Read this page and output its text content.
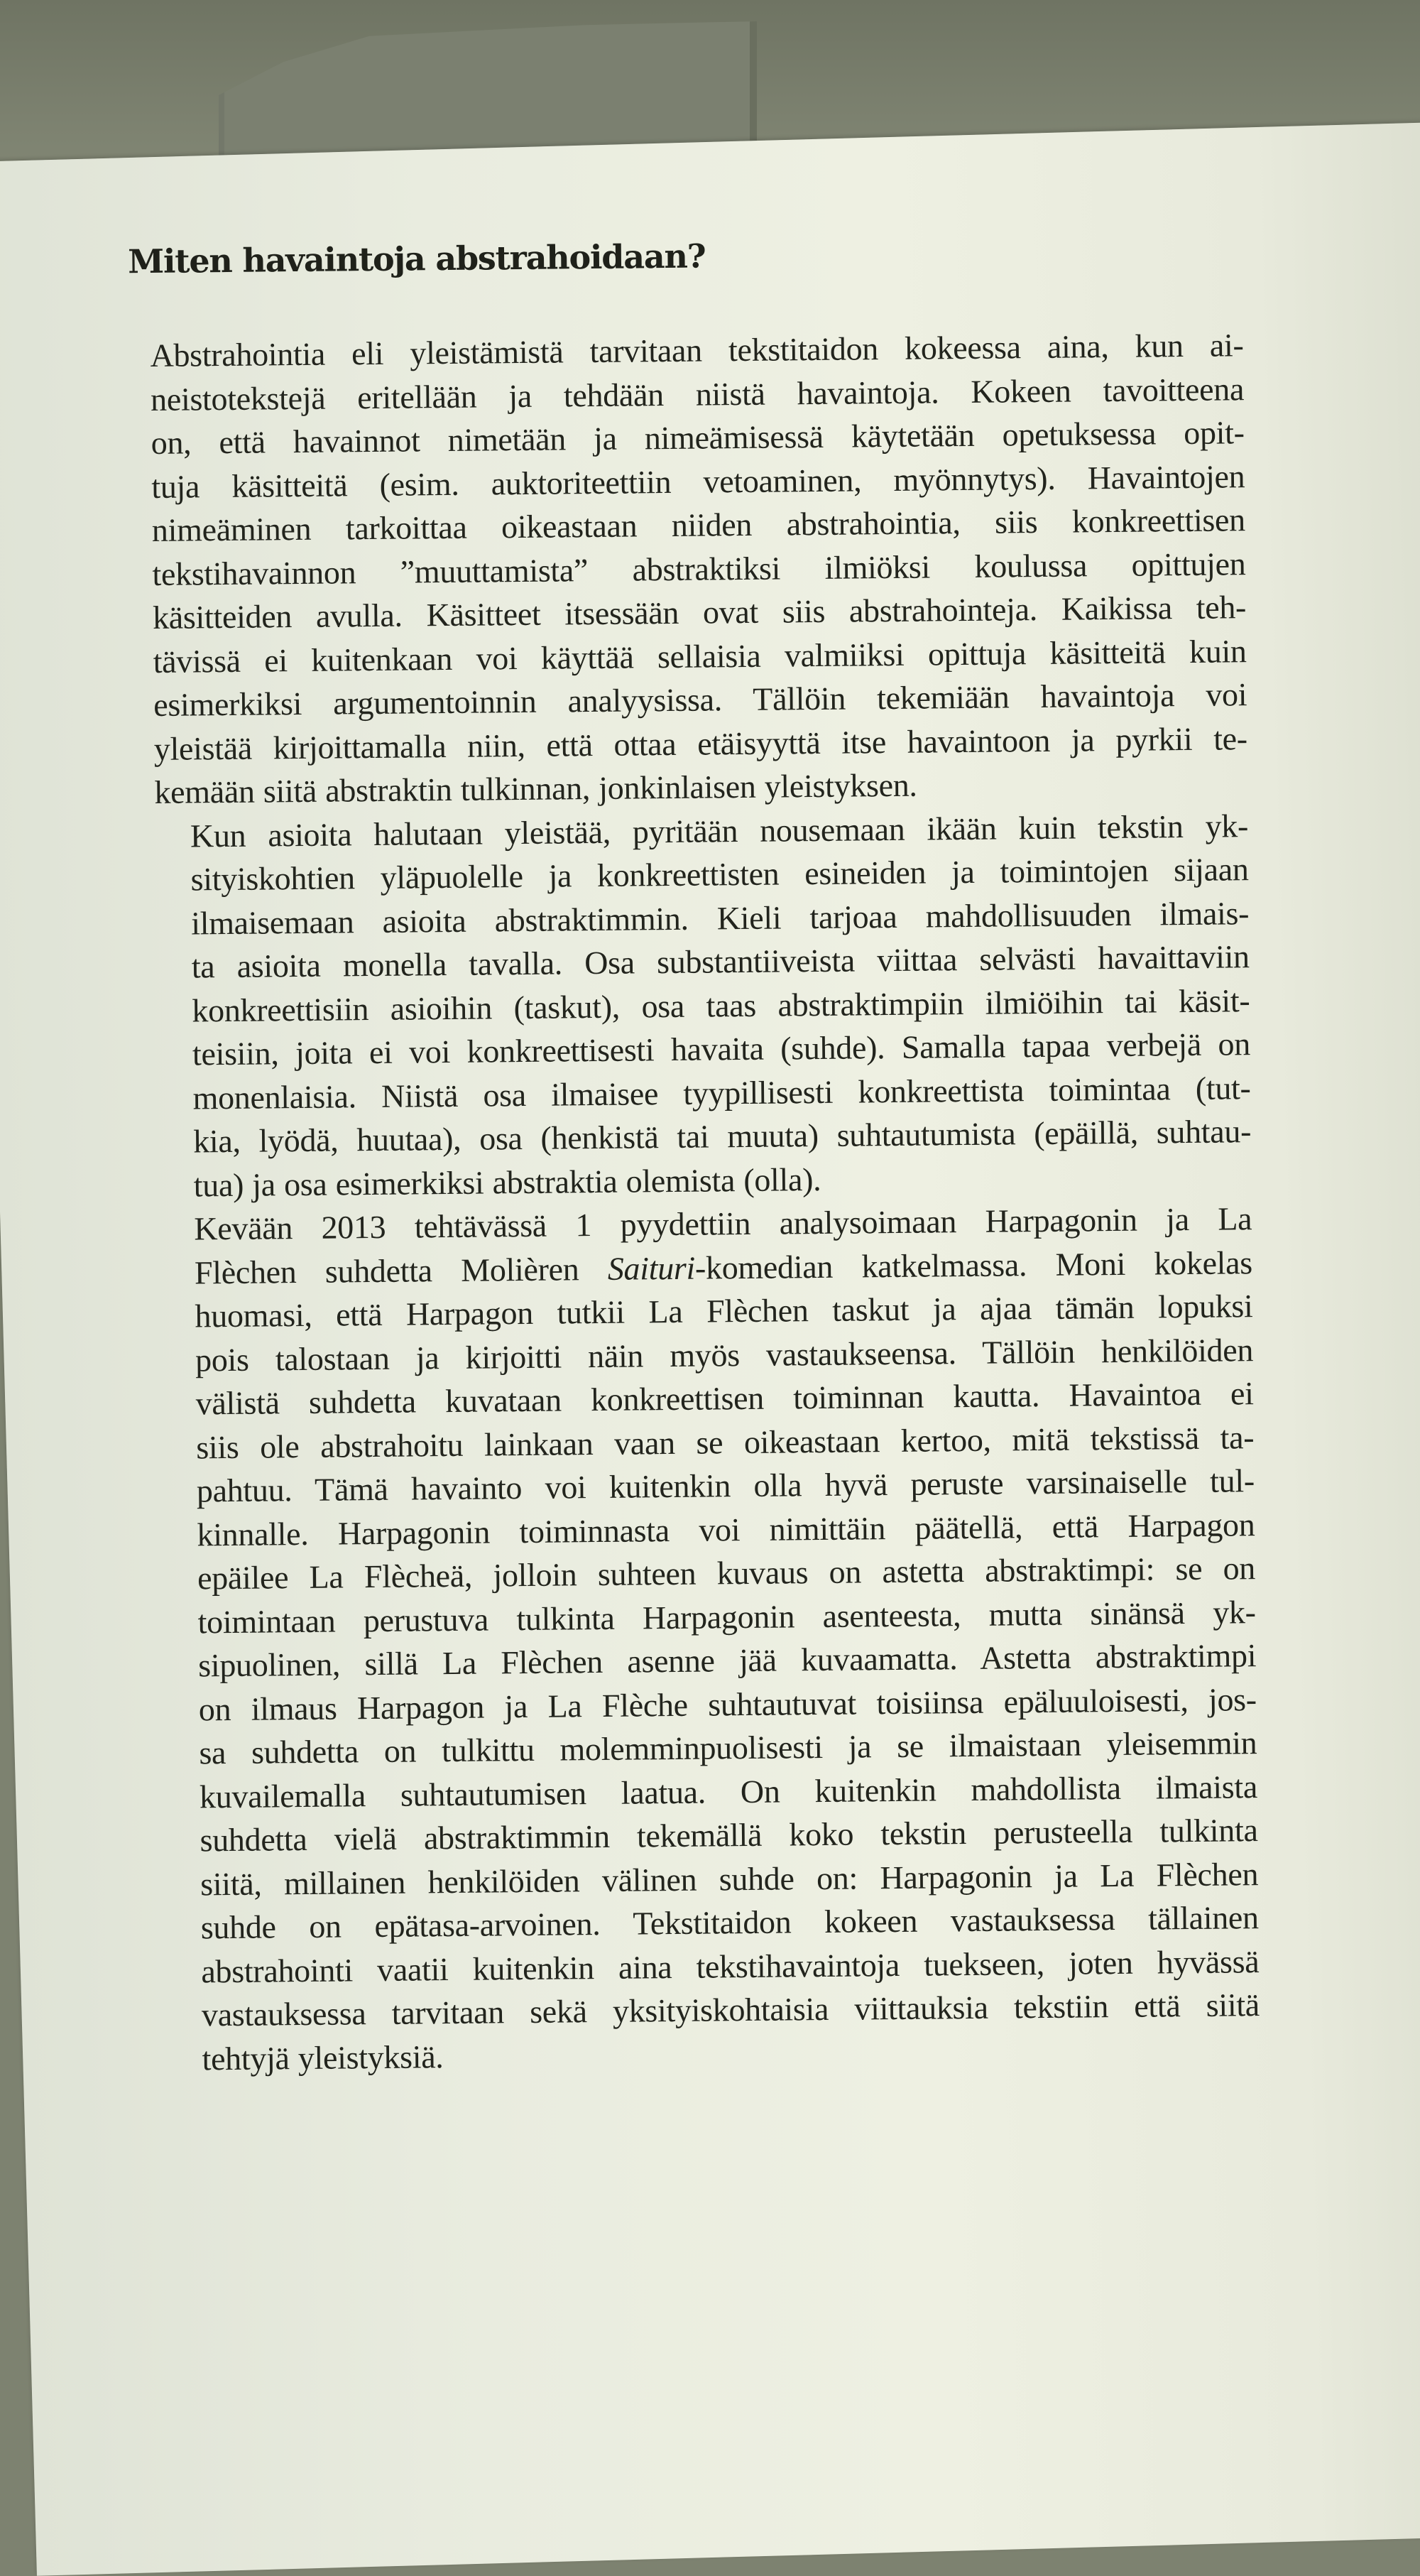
Miten havaintoja abstrahoidaan?

Abstrahointia eli yleistämistä tarvitaan tekstitaidon kokeessa aina, kun ai-
neistotekstejä eritellään ja tehdään niistä havaintoja. Kokeen tavoitteena
on, että havainnot nimetään ja nimeämisessä käytetään opetuksessa opit-
tuja käsitteitä (esim. auktoriteettiin vetoaminen, myönnytys). Havaintojen
nimeäminen tarkoittaa oikeastaan niiden abstrahointia, siis konkreettisen
tekstihavainnon ”muuttamista” abstraktiksi ilmiöksi koulussa opittujen
käsitteiden avulla. Käsitteet itsessään ovat siis abstrahointeja. Kaikissa teh-
tävissä ei kuitenkaan voi käyttää sellaisia valmiiksi opittuja käsitteitä kuin
esimerkiksi argumentoinnin analyysissa. Tällöin tekemiään havaintoja voi
yleistää kirjoittamalla niin, että ottaa etäisyyttä itse havaintoon ja pyrkii te-
kemään siitä abstraktin tulkinnan, jonkinlaisen yleistyksen.

Kun asioita halutaan yleistää, pyritään nousemaan ikään kuin tekstin yk-
sityiskohtien yläpuolelle ja konkreettisten esineiden ja toimintojen sijaan
ilmaisemaan asioita abstraktimmin. Kieli tarjoaa mahdollisuuden ilmais-
ta asioita monella tavalla. Osa substantiiveista viittaa selvästi havaittaviin
konkreettisiin asioihin (taskut), osa taas abstraktimpiin ilmiöihin tai käsit-
teisiin, joita ei voi konkreettisesti havaita (suhde). Samalla tapaa verbejä on
monenlaisia. Niistä osa ilmaisee tyypillisesti konkreettista toimintaa (tut-
kia, lyödä, huutaa), osa (henkistä tai muuta) suhtautumista (epäillä, suhtau-
tua) ja osa esimerkiksi abstraktia olemista (olla).

Kevään 2013 tehtävässä 1 pyydettiin analysoimaan Harpagonin ja La
Flèchen suhdetta Molièren Saituri-komedian katkelmassa. Moni kokelas
huomasi, että Harpagon tutkii La Flèchen taskut ja ajaa tämän lopuksi
pois talostaan ja kirjoitti näin myös vastaukseensa. Tällöin henkilöiden
välistä suhdetta kuvataan konkreettisen toiminnan kautta. Havaintoa ei
siis ole abstrahoitu lainkaan vaan se oikeastaan kertoo, mitä tekstissä ta-
pahtuu. Tämä havainto voi kuitenkin olla hyvä peruste varsinaiselle tul-
kinnalle. Harpagonin toiminnasta voi nimittäin päätellä, että Harpagon
epäilee La Flècheä, jolloin suhteen kuvaus on astetta abstraktimpi: se on
toimintaan perustuva tulkinta Harpagonin asenteesta, mutta sinänsä yk-
sipuolinen, sillä La Flèchen asenne jää kuvaamatta. Astetta abstraktimpi
on ilmaus Harpagon ja La Flèche suhtautuvat toisiinsa epäluuloisesti, jos-
sa suhdetta on tulkittu molemminpuolisesti ja se ilmaistaan yleisemmin
kuvailemalla suhtautumisen laatua. On kuitenkin mahdollista ilmaista
suhdetta vielä abstraktimmin tekemällä koko tekstin perusteella tulkinta
siitä, millainen henkilöiden välinen suhde on: Harpagonin ja La Flèchen
suhde on epätasa-arvoinen. Tekstitaidon kokeen vastauksessa tällainen
abstrahointi vaatii kuitenkin aina tekstihavaintoja tuekseen, joten hyvässä
vastauksessa tarvitaan sekä yksityiskohtaisia viittauksia tekstiin että siitä
tehtyjä yleistyksiä.
